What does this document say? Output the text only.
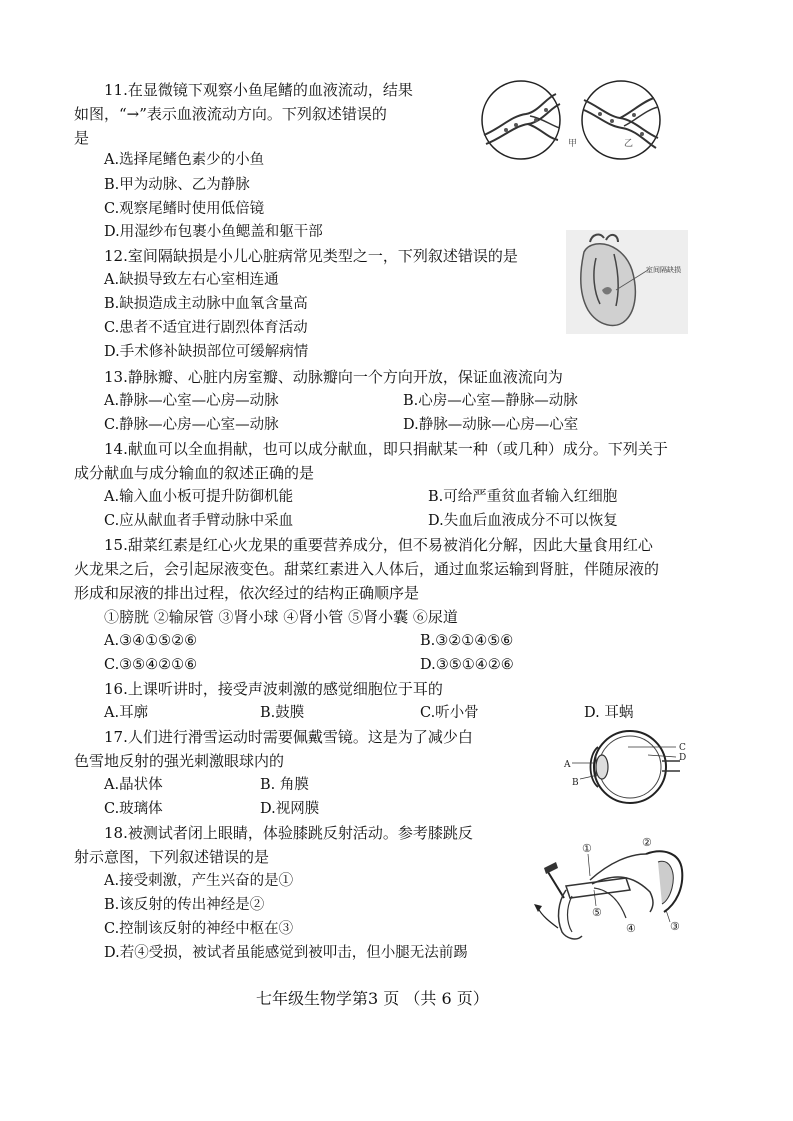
11.在显微镜下观察小鱼尾鳍的血液流动，结果
如图，“→”表示血液流动方向。下列叙述错误的
是
A.选择尾鳍色素少的小鱼
B.甲为动脉、乙为静脉
C.观察尾鳍时使用低倍镜
D.用湿纱布包裹小鱼鳃盖和躯干部
甲	乙
12.室间隔缺损是小儿心脏病常见类型之一，下列叙述错误的是
A.缺损导致左右心室相连通
B.缺损造成主动脉中血氧含量高
C.患者不适宜进行剧烈体育活动
D.手术修补缺损部位可缓解病情
室间隔缺损
13.静脉瓣、心脏内房室瓣、动脉瓣向一个方向开放，保证血液流向为
A.静脉—心室—心房—动脉	B.心房—心室—静脉—动脉
C.静脉—心房—心室—动脉	D.静脉—动脉—心房—心室
14.献血可以全血捐献，也可以成分献血，即只捐献某一种（或几种）成分。下列关于
成分献血与成分输血的叙述正确的是
A.输入血小板可提升防御机能	B.可给严重贫血者输入红细胞
C.应从献血者手臂动脉中采血	D.失血后血液成分不可以恢复
15.甜菜红素是红心火龙果的重要营养成分，但不易被消化分解，因此大量食用红心
火龙果之后，会引起尿液变色。甜菜红素进入人体后，通过血浆运输到肾脏，伴随尿液的
形成和尿液的排出过程，依次经过的结构正确顺序是
①膀胱 ②输尿管 ③肾小球 ④肾小管 ⑤肾小囊 ⑥尿道
A.③④①⑤②⑥	B.③②①④⑤⑥
C.③⑤④②①⑥	D.③⑤①④②⑥
16.上课听讲时，接受声波刺激的感觉细胞位于耳的
A.耳廓	B.鼓膜	C.听小骨	D. 耳蜗
17.人们进行滑雪运动时需要佩戴雪镜。这是为了减少白
色雪地反射的强光刺激眼球内的
A.晶状体	B. 角膜
C.玻璃体	D.视网膜
A
B
C
D
18.被测试者闭上眼睛，体验膝跳反射活动。参考膝跳反
射示意图，下列叙述错误的是
A.接受刺激，产生兴奋的是①
B.该反射的传出神经是②
C.控制该反射的神经中枢在③
D.若④受损，被试者虽能感觉到被叩击，但小腿无法前踢
①	②
③
④
⑤
七年级生物学第3 页 （共 6 页）
